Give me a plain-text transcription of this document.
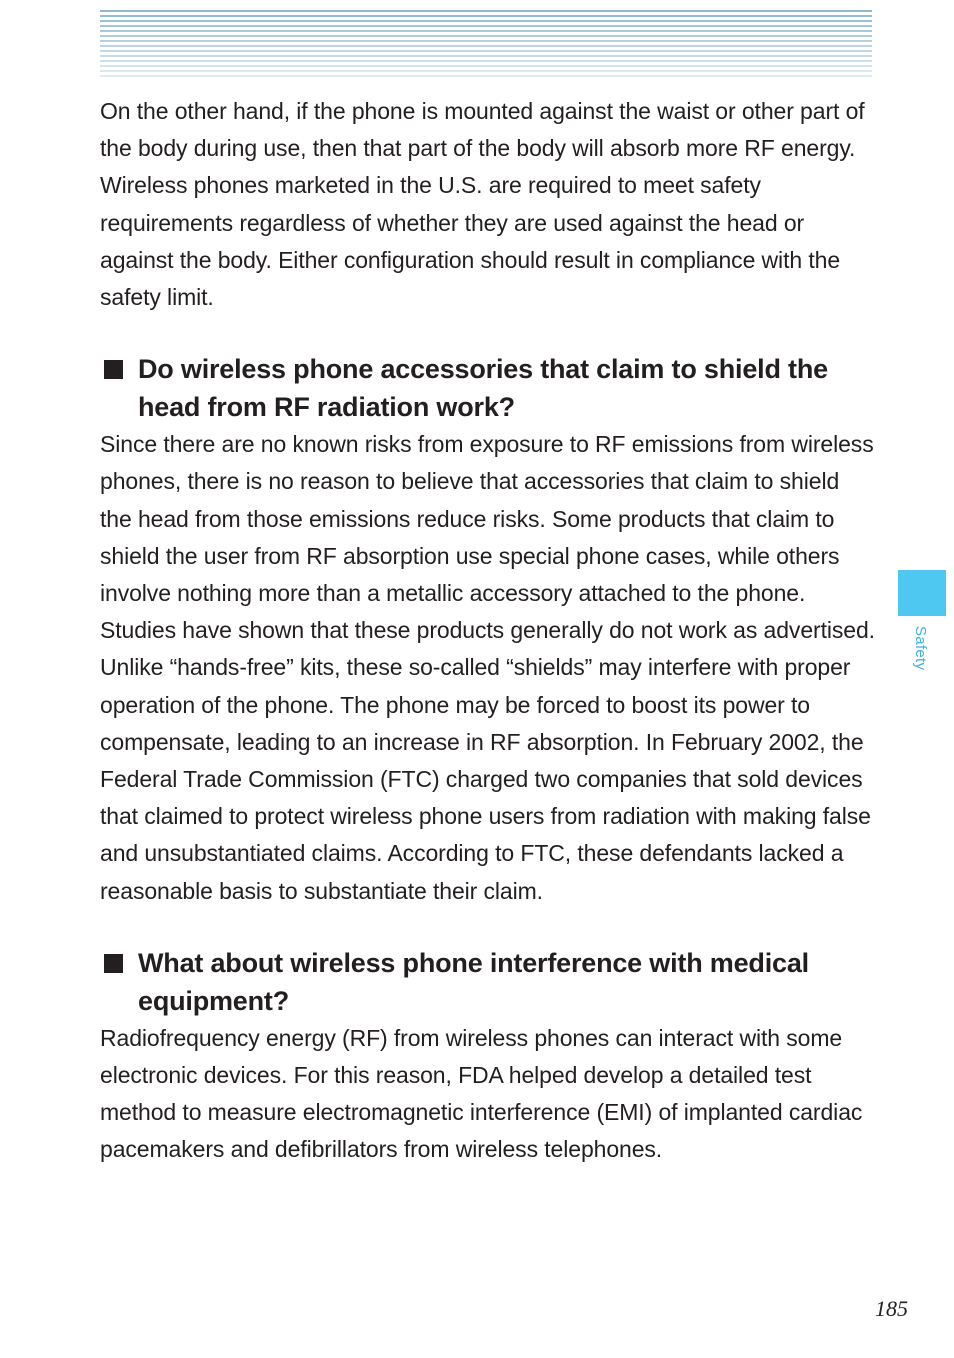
On the other hand, if the phone is mounted against the waist or other part of the body during use, then that part of the body will absorb more RF energy. Wireless phones marketed in the U.S. are required to meet safety requirements regardless of whether they are used against the head or against the body. Either configuration should result in compliance with the safety limit.

Do wireless phone accessories that claim to shield the head from RF radiation work?

Since there are no known risks from exposure to RF emissions from wireless phones, there is no reason to believe that accessories that claim to shield the head from those emissions reduce risks. Some products that claim to shield the user from RF absorption use special phone cases, while others involve nothing more than a metallic accessory attached to the phone. Studies have shown that these products generally do not work as advertised. Unlike “hands-free” kits, these so-called “shields” may interfere with proper operation of the phone. The phone may be forced to boost its power to compensate, leading to an increase in RF absorption. In February 2002, the Federal Trade Commission (FTC) charged two companies that sold devices that claimed to protect wireless phone users from radiation with making false and unsubstantiated claims. According to FTC, these defendants lacked a reasonable basis to substantiate their claim.

What about wireless phone interference with medical equipment?

Radiofrequency energy (RF) from wireless phones can interact with some electronic devices. For this reason, FDA helped develop a detailed test method to measure electromagnetic interference (EMI) of implanted cardiac pacemakers and defibrillators from wireless telephones.

Safety
185
